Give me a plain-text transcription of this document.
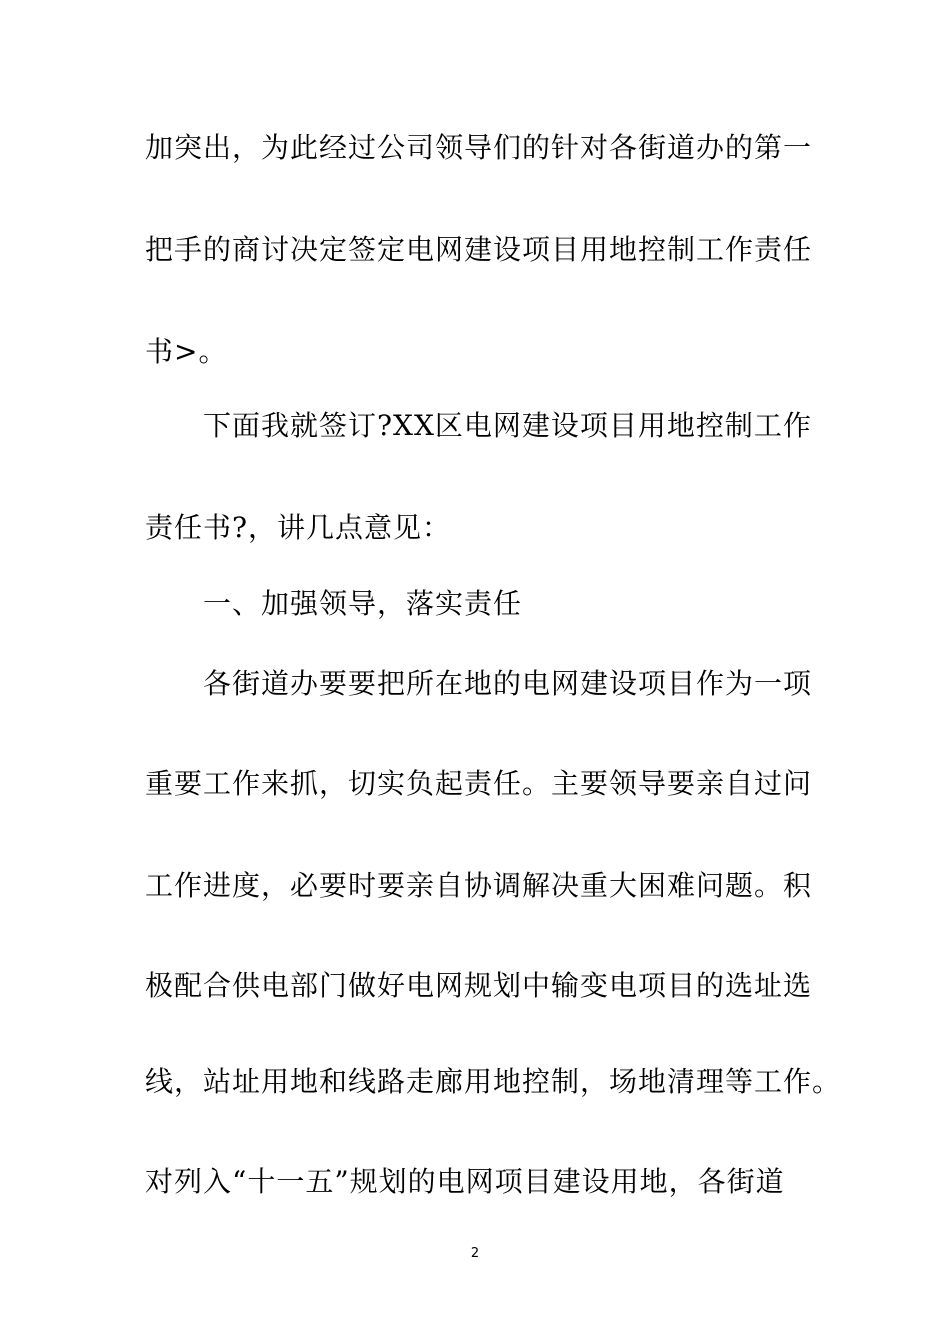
加突出，为此经过公司领导们的针对各街道办的第一
把手的商讨决定签定电网建设项目用地控制工作责任
书>。
下面我就签订?XX区电网建设项目用地控制工作
责任书?，讲几点意见：
一、加强领导，落实责任
各街道办要要把所在地的电网建设项目作为一项
重要工作来抓，切实负起责任。主要领导要亲自过问
工作进度，必要时要亲自协调解决重大困难问题。积
极配合供电部门做好电网规划中输变电项目的选址选
线，站址用地和线路走廊用地控制，场地清理等工作。
对列入“十一五”规划的电网项目建设用地，各街道
2
